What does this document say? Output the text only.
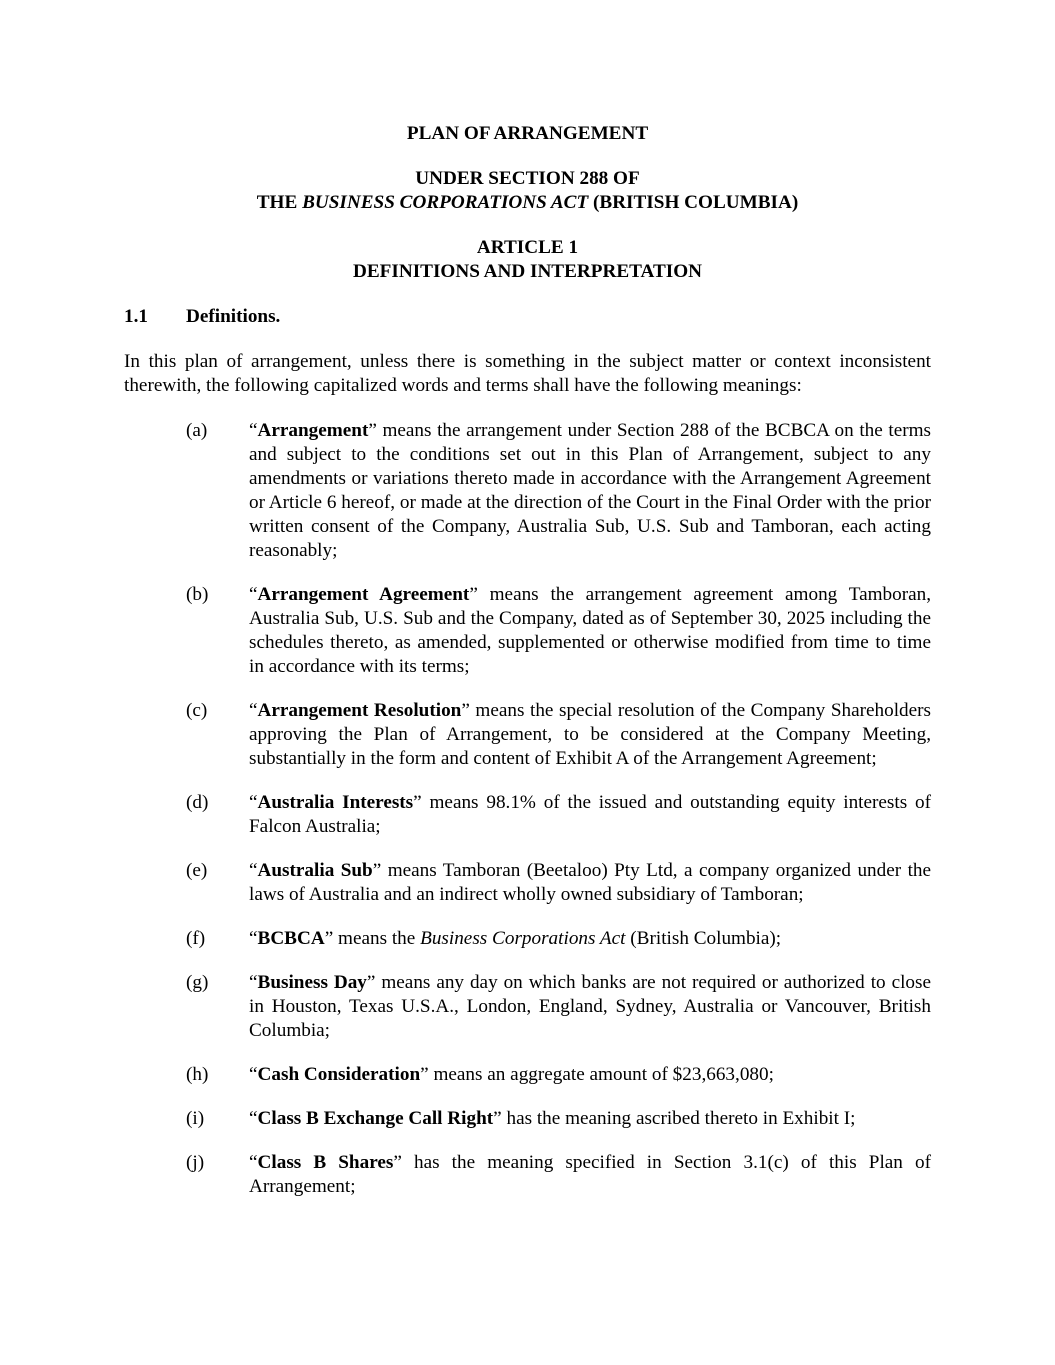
PLAN OF ARRANGEMENT
UNDER SECTION 288 OF
THE BUSINESS CORPORATIONS ACT (BRITISH COLUMBIA)
ARTICLE 1
DEFINITIONS AND INTERPRETATION
1.1	Definitions.
In this plan of arrangement, unless there is something in the subject matter or context inconsistent therewith, the following capitalized words and terms shall have the following meanings:
(a)	“Arrangement” means the arrangement under Section 288 of the BCBCA on the terms and subject to the conditions set out in this Plan of Arrangement, subject to any amendments or variations thereto made in accordance with the Arrangement Agreement or Article 6 hereof, or made at the direction of the Court in the Final Order with the prior written consent of the Company, Australia Sub, U.S. Sub and Tamboran, each acting reasonably;
(b)	“Arrangement Agreement” means the arrangement agreement among Tamboran, Australia Sub, U.S. Sub and the Company, dated as of September 30, 2025 including the schedules thereto, as amended, supplemented or otherwise modified from time to time in accordance with its terms;
(c)	“Arrangement Resolution” means the special resolution of the Company Shareholders approving the Plan of Arrangement, to be considered at the Company Meeting, substantially in the form and content of Exhibit A of the Arrangement Agreement;
(d)	“Australia Interests” means 98.1% of the issued and outstanding equity interests of Falcon Australia;
(e)	“Australia Sub” means Tamboran (Beetaloo) Pty Ltd, a company organized under the laws of Australia and an indirect wholly owned subsidiary of Tamboran;
(f)	“BCBCA” means the Business Corporations Act (British Columbia);
(g)	“Business Day” means any day on which banks are not required or authorized to close in Houston, Texas U.S.A., London, England, Sydney, Australia or Vancouver, British Columbia;
(h)	“Cash Consideration” means an aggregate amount of $23,663,080;
(i)	“Class B Exchange Call Right” has the meaning ascribed thereto in Exhibit I;
(j)	“Class B Shares” has the meaning specified in Section 3.1(c) of this Plan of Arrangement;
